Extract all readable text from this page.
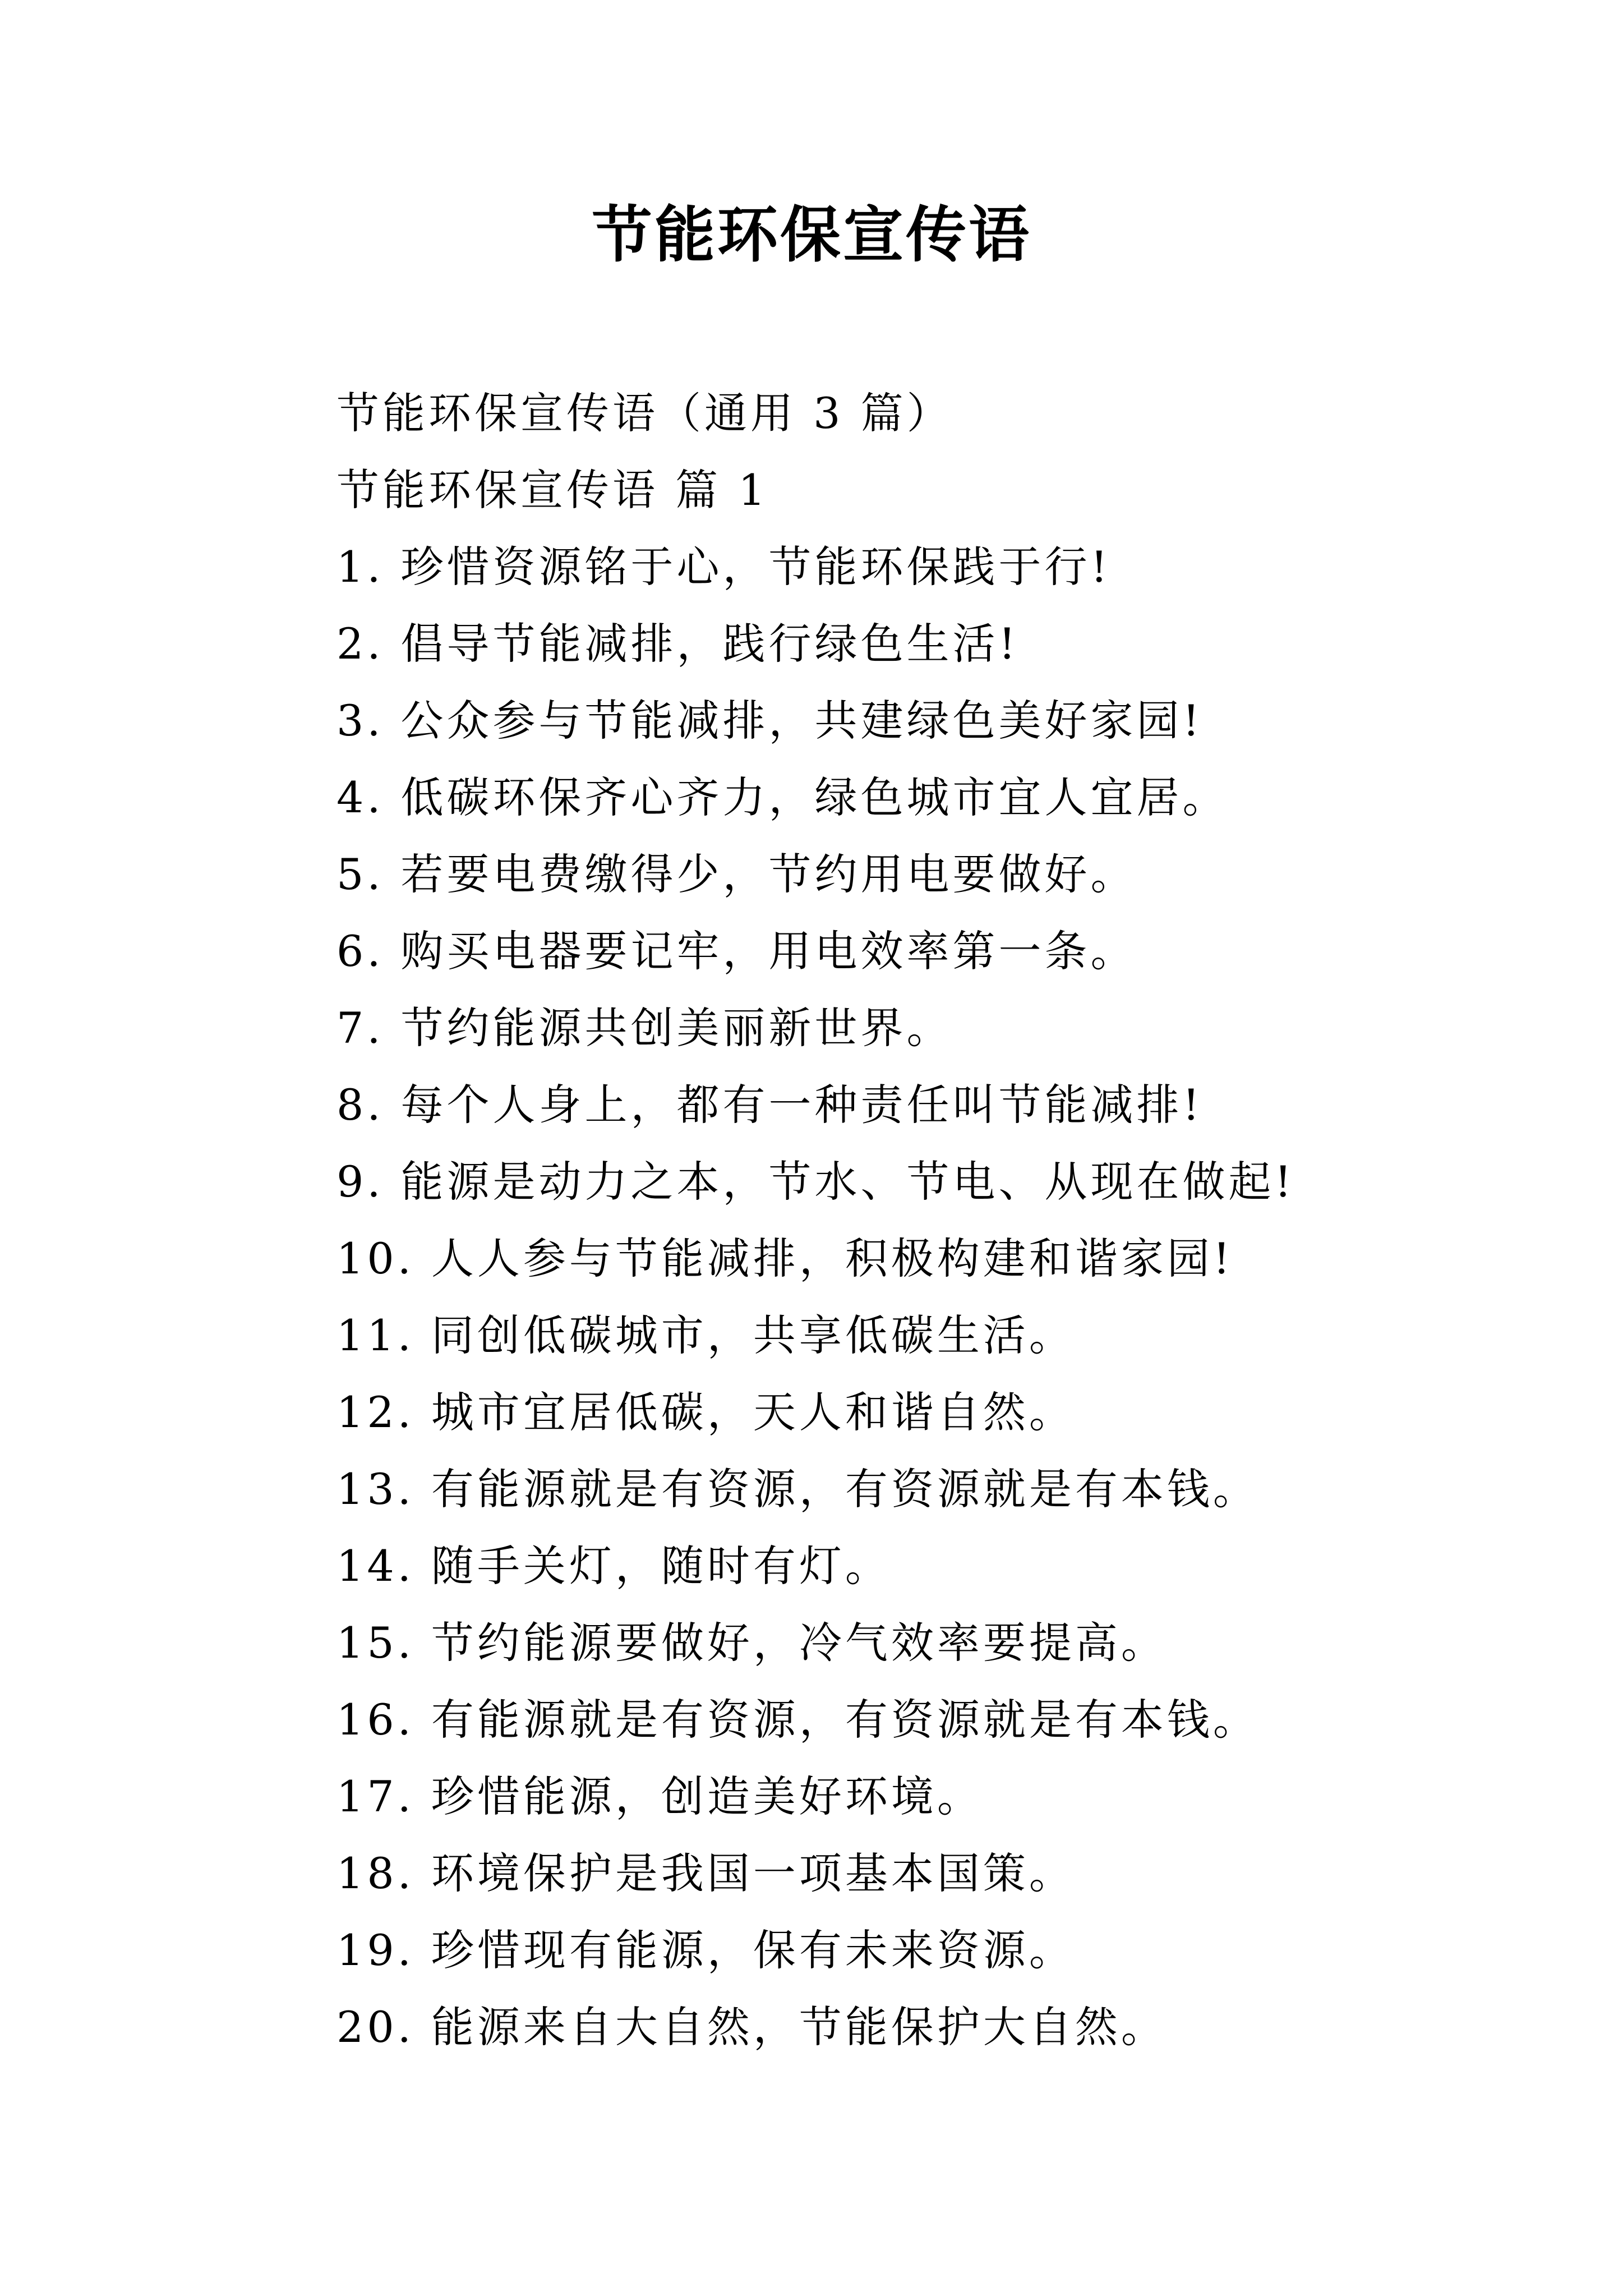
节能环保宣传语
节能环保宣传语（通用 3 篇）
节能环保宣传语 篇 1
1. 珍惜资源铭于心，节能环保践于行!
2. 倡导节能减排，践行绿色生活!
3. 公众参与节能减排，共建绿色美好家园!
4. 低碳环保齐心齐力，绿色城市宜人宜居。
5. 若要电费缴得少，节约用电要做好。
6. 购买电器要记牢，用电效率第一条。
7. 节约能源共创美丽新世界。
8. 每个人身上，都有一种责任叫节能减排!
9. 能源是动力之本，节水、节电、从现在做起!
10. 人人参与节能减排，积极构建和谐家园!
11. 同创低碳城市，共享低碳生活。
12. 城市宜居低碳，天人和谐自然。
13. 有能源就是有资源，有资源就是有本钱。
14. 随手关灯，随时有灯。
15. 节约能源要做好，冷气效率要提高。
16. 有能源就是有资源，有资源就是有本钱。
17. 珍惜能源，创造美好环境。
18. 环境保护是我国一项基本国策。
19. 珍惜现有能源，保有未来资源。
20. 能源来自大自然，节能保护大自然。
